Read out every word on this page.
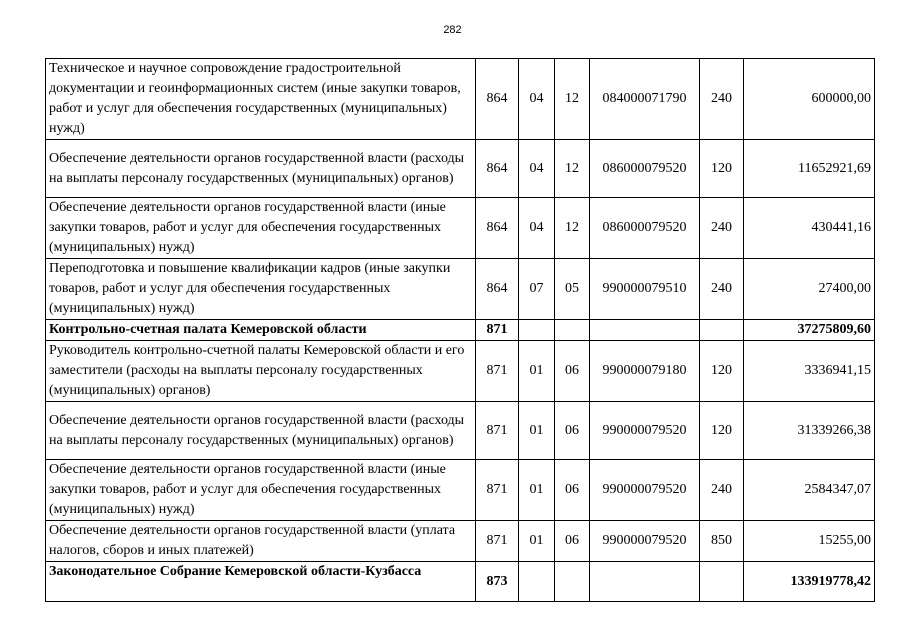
282
Техническое и научное сопровождение градостроительной документации и геоинформационных систем (иные закупки товаров, работ и услуг для обеспечения государственных (муниципальных) нужд)	864	04	12	084000071790	240	600000,00
Обеспечение деятельности органов государственной власти (расходы на выплаты персоналу государственных (муниципальных) органов)	864	04	12	086000079520	120	11652921,69
Обеспечение деятельности органов государственной власти (иные закупки товаров, работ и услуг для обеспечения государственных (муниципальных) нужд)	864	04	12	086000079520	240	430441,16
Переподготовка и повышение квалификации кадров (иные закупки товаров, работ и услуг для обеспечения государственных (муниципальных) нужд)	864	07	05	990000079510	240	27400,00
Контрольно-счетная палата Кемеровской области	871					37275809,60
Руководитель контрольно-счетной палаты Кемеровской области и его заместители (расходы на выплаты персоналу государственных (муниципальных) органов)	871	01	06	990000079180	120	3336941,15
Обеспечение деятельности органов государственной власти (расходы на выплаты персоналу государственных (муниципальных) органов)	871	01	06	990000079520	120	31339266,38
Обеспечение деятельности органов государственной власти (иные закупки товаров, работ и услуг для обеспечения государственных (муниципальных) нужд)	871	01	06	990000079520	240	2584347,07
Обеспечение деятельности органов государственной власти (уплата налогов, сборов и иных платежей)	871	01	06	990000079520	850	15255,00
Законодательное Собрание Кемеровской области-Кузбасса	873					133919778,42
